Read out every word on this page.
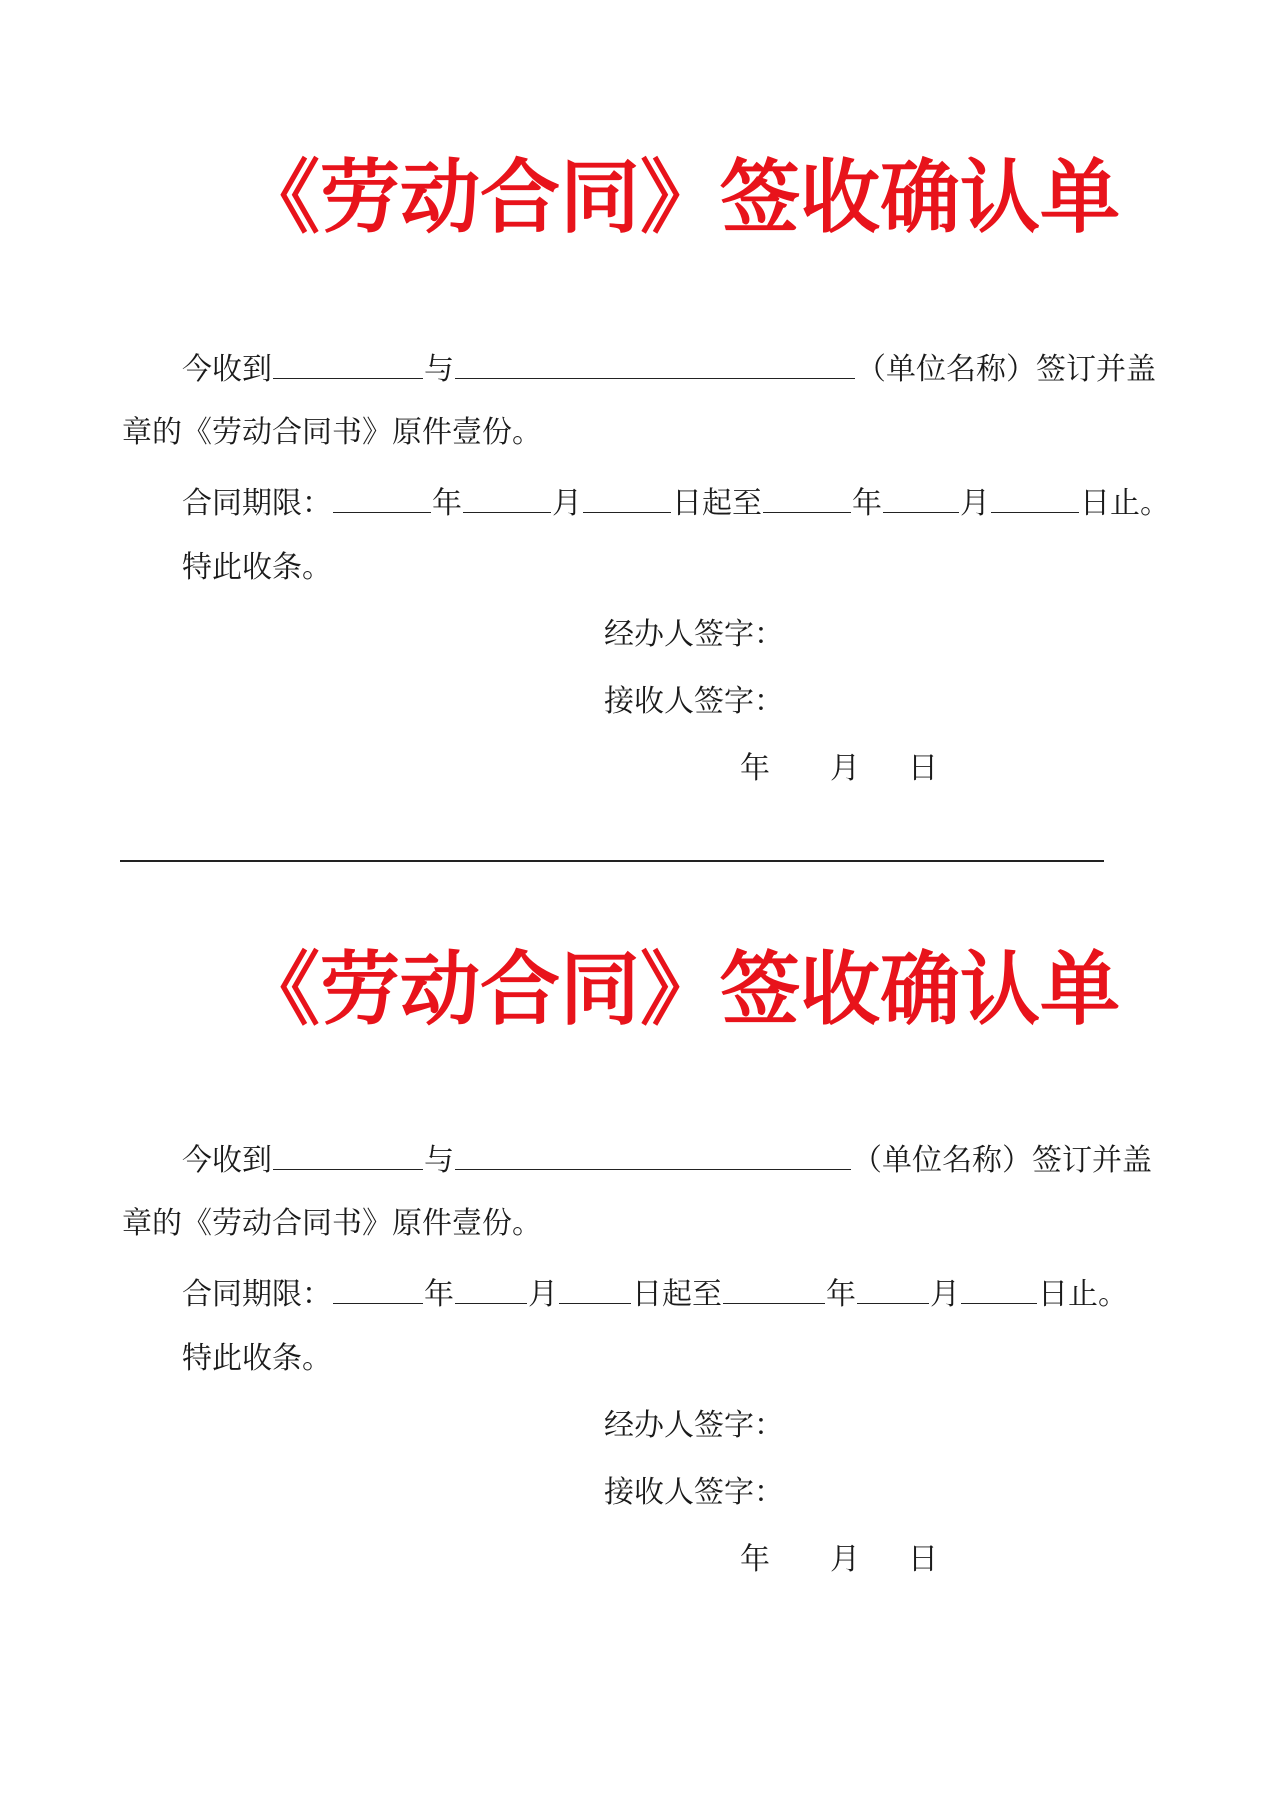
《劳动合同》签收确认单
今收到	与	（单位名称）签订并盖
章的《劳动合同书》原件壹份。
合同期限：	年	月	日起至	年	月	日止。
特此收条。
经办人签字：
接收人签字：
年 月 日
《劳动合同》签收确认单
今收到	与	（单位名称）签订并盖
章的《劳动合同书》原件壹份。
合同期限：	年 月 日起至	年 月	日止。
特此收条。
经办人签字：
接收人签字：
年 月 日
